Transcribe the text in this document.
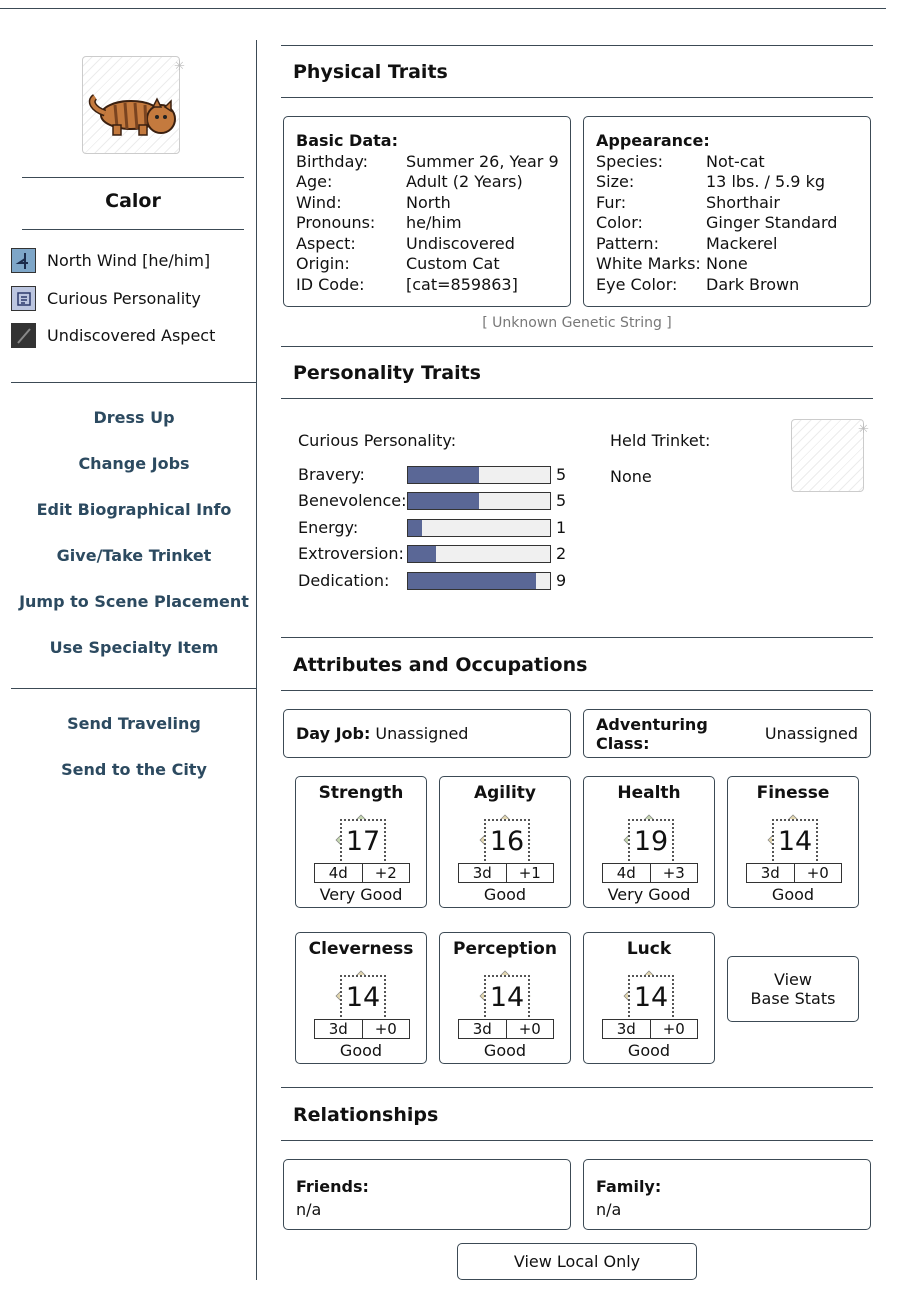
✳
Calor
North Wind [he/him]
Curious Personality
Undiscovered Aspect
Dress Up
Change Jobs
Edit Biographical Info
Give/Take Trinket
Jump to Scene Placement
Use Specialty Item
Send Traveling
Send to the City
Physical Traits
Basic Data:
Birthday:	Summer 26, Year 9
Age:	Adult (2 Years)
Wind:	North
Pronouns:	he/him
Aspect:	Undiscovered
Origin:	Custom Cat
ID Code:	[cat=859863]
Appearance:
Species:	Not-cat
Size:	13 lbs. / 5.9 kg
Fur:	Shorthair
Color:	Ginger Standard
Pattern:	Mackerel
White Marks: None
Eye Color:	Dark Brown
[ Unknown Genetic String ]
Personality Traits
Curious Personality:
Bravery:	5
Benevolence:	5
Energy:	1
Extroversion:	2
Dedication:	9
Held Trinket:
None
✳
Attributes and Occupations
Day Job: Unassigned	Adventuring Class:	Unassigned
Strength
17
4d	+2
Very Good
Agility
16
3d	+1
Good
Health
19
4d	+3
Very Good
Finesse
14
3d	+0
Good
Cleverness
14
3d	+0
Good
Perception
14
3d	+0
Good
Luck
14
3d	+0
Good
View
Base Stats
Relationships
Friends:
n/a
Family:
n/a
View Local Only
